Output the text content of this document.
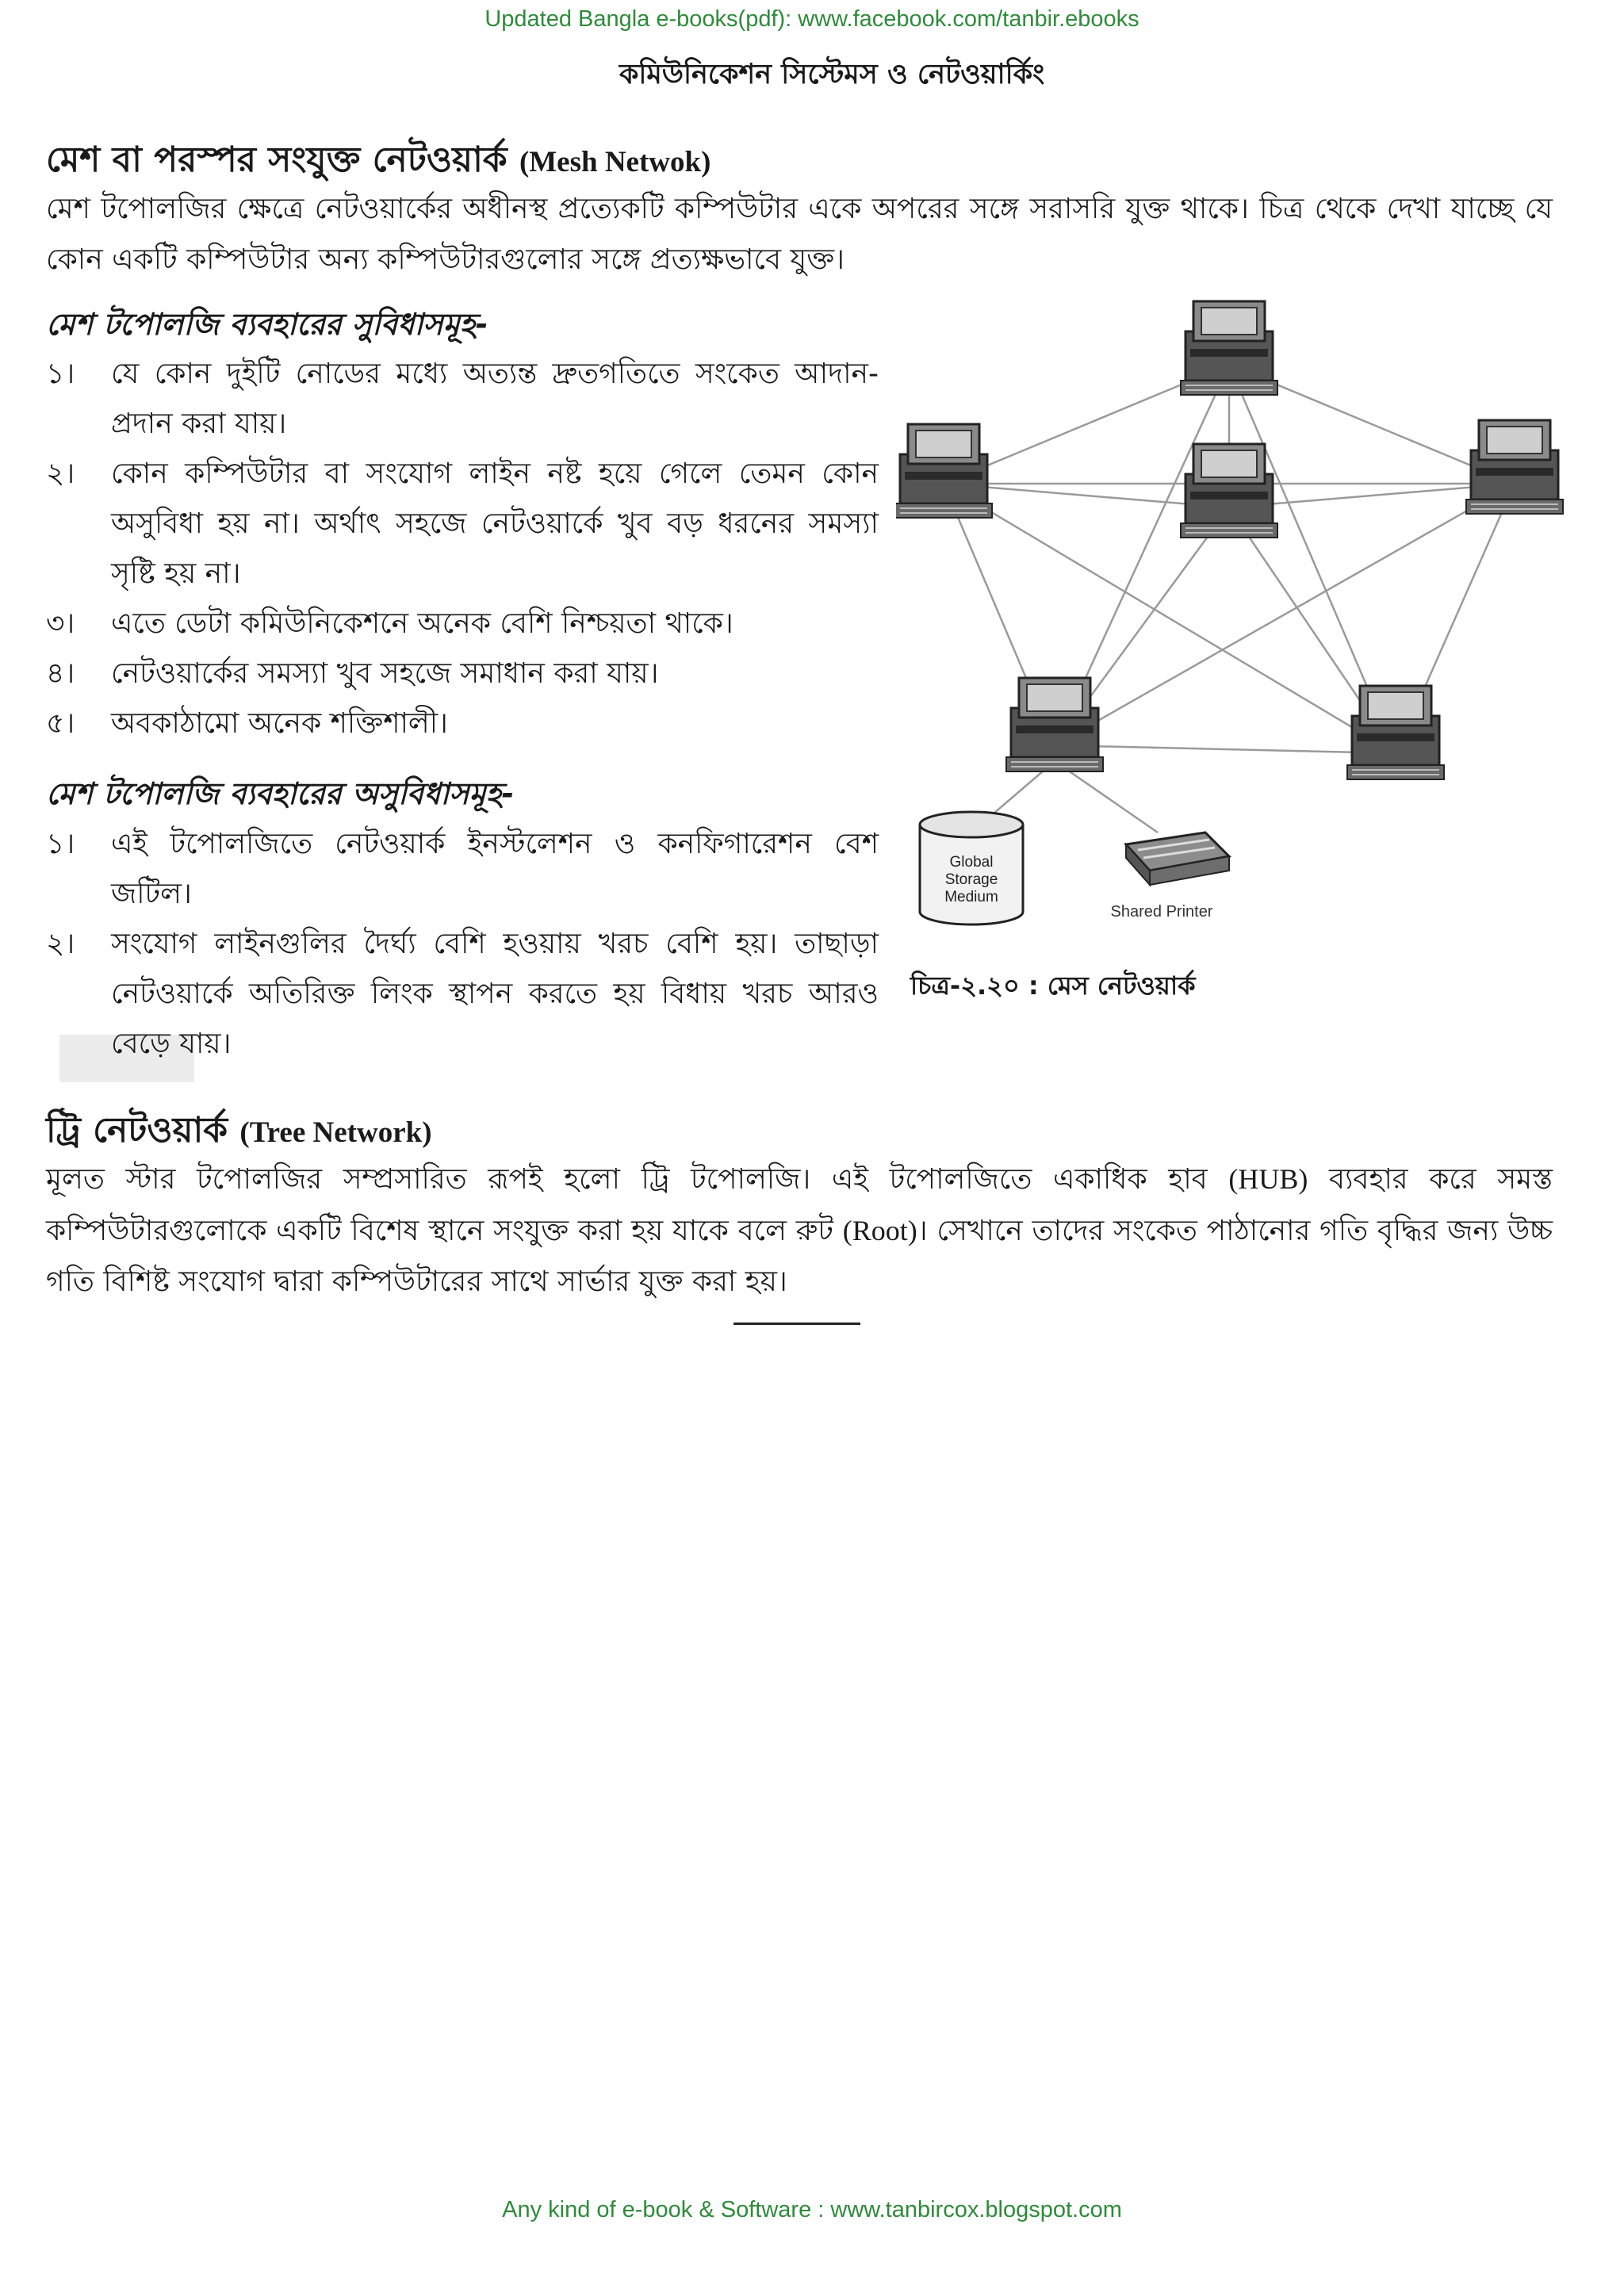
Updated Bangla e-books(pdf): www.facebook.com/tanbir.ebooks
কমিউনিকেশন সিস্টেমস ও নেটওয়ার্কিং
মেশ বা পরস্পর সংযুক্ত নেটওয়ার্ক (Mesh Netwok)
মেশ টপোলজির ক্ষেত্রে নেটওয়ার্কের অধীনস্থ প্রত্যেকটি কম্পিউটার একে অপরের সঙ্গে সরাসরি যুক্ত থাকে। চিত্র থেকে দেখা যাচ্ছে যে কোন একটি কম্পিউটার অন্য কম্পিউটারগুলোর সঙ্গে প্রত্যক্ষভাবে যুক্ত।
মেশ টপোলজি ব্যবহারের সুবিধাসমূহ-
১।	যে কোন দুইটি নোডের মধ্যে অত্যন্ত দ্রুতগতিতে সংকেত আদান-প্রদান করা যায়।
২।	কোন কম্পিউটার বা সংযোগ লাইন নষ্ট হয়ে গেলে তেমন কোন অসুবিধা হয় না। অর্থাৎ সহজে নেটওয়ার্কে খুব বড় ধরনের সমস্যা সৃষ্টি হয় না।
৩।	এতে ডেটা কমিউনিকেশনে অনেক বেশি নিশ্চয়তা থাকে।
৪।	নেটওয়ার্কের সমস্যা খুব সহজে সমাধান করা যায়।
৫।	অবকাঠামো অনেক শক্তিশালী।
মেশ টপোলজি ব্যবহারের অসুবিধাসমূহ-
১।	এই টপোলজিতে নেটওয়ার্ক ইনস্টলেশন ও কনফিগারেশন বেশ জটিল।
২।	সংযোগ লাইনগুলির দৈর্ঘ্য বেশি হওয়ায় খরচ বেশি হয়। তাছাড়া নেটওয়ার্কে অতিরিক্ত লিংক স্থাপন করতে হয় বিধায় খরচ আরও বেড়ে যায়।
Global
Storage
Medium
Shared Printer
চিত্র-২.২০ : মেস নেটওয়ার্ক
ট্রি নেটওয়ার্ক (Tree Network)
মূলত স্টার টপোলজির সম্প্রসারিত রূপই হলো ট্রি টপোলজি। এই টপোলজিতে একাধিক হাব (HUB) ব্যবহার করে সমস্ত কম্পিউটারগুলোকে একটি বিশেষ স্থানে সংযুক্ত করা হয় যাকে বলে রুট (Root)। সেখানে তাদের সংকেত পাঠানোর গতি বৃদ্ধির জন্য উচ্চ গতি বিশিষ্ট সংযোগ দ্বারা কম্পিউটারের সাথে সার্ভার যুক্ত করা হয়।
Any kind of e-book & Software : www.tanbircox.blogspot.com
